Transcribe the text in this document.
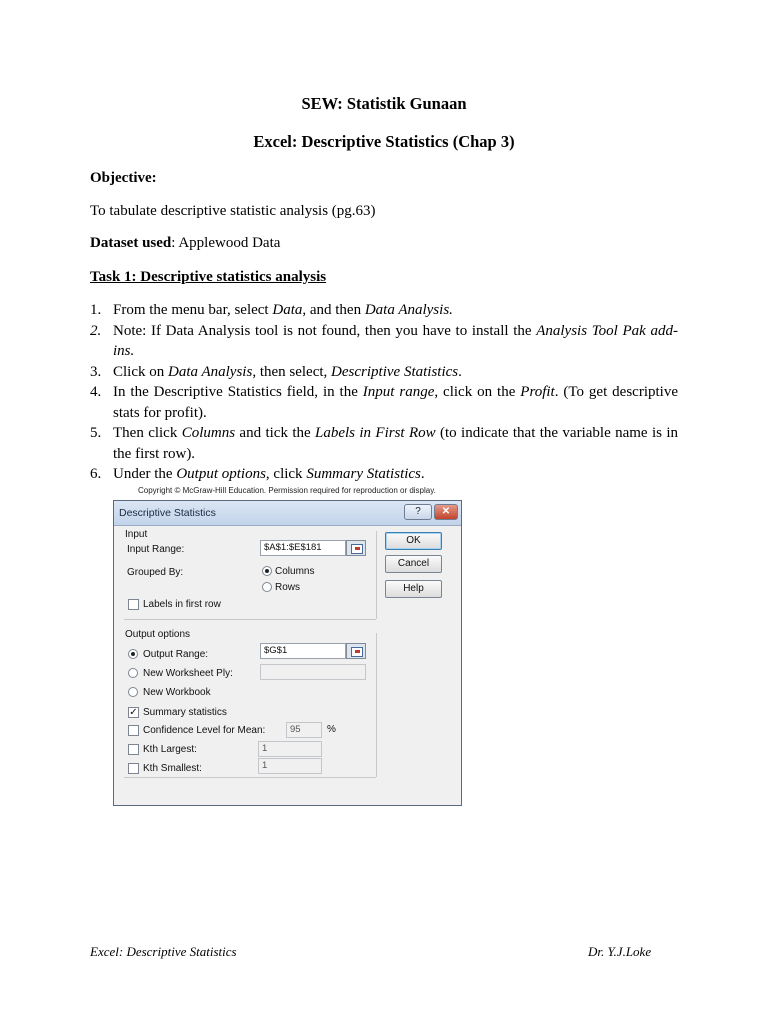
SEW: Statistik Gunaan
Excel: Descriptive Statistics (Chap 3)
Objective:
To tabulate descriptive statistic analysis (pg.63)
Dataset used: Applewood Data
Task 1: Descriptive statistics analysis
1. From the menu bar, select Data, and then Data Analysis.
2. Note: If Data Analysis tool is not found, then you have to install the Analysis Tool Pak add-ins.
3. Click on Data Analysis, then select, Descriptive Statistics.
4. In the Descriptive Statistics field, in the Input range, click on the Profit. (To get descriptive stats for profit).
5. Then click Columns and tick the Labels in First Row (to indicate that the variable name is in the first row).
6. Under the Output options, click Summary Statistics.
Copyright © McGraw-Hill Education. Permission required for reproduction or display.
Descriptive Statistics	?	✕
Input
Input Range:	$A$1:$E$181
Grouped By:	Columns
Rows
Labels in first row
Output options
Output Range:	$G$1
New Worksheet Ply:
New Workbook
✓ Summary statistics
Confidence Level for Mean:	95	%
Kth Largest:	1
Kth Smallest:	1
OK
Cancel
Help
Excel: Descriptive Statistics	Dr. Y.J.Loke
